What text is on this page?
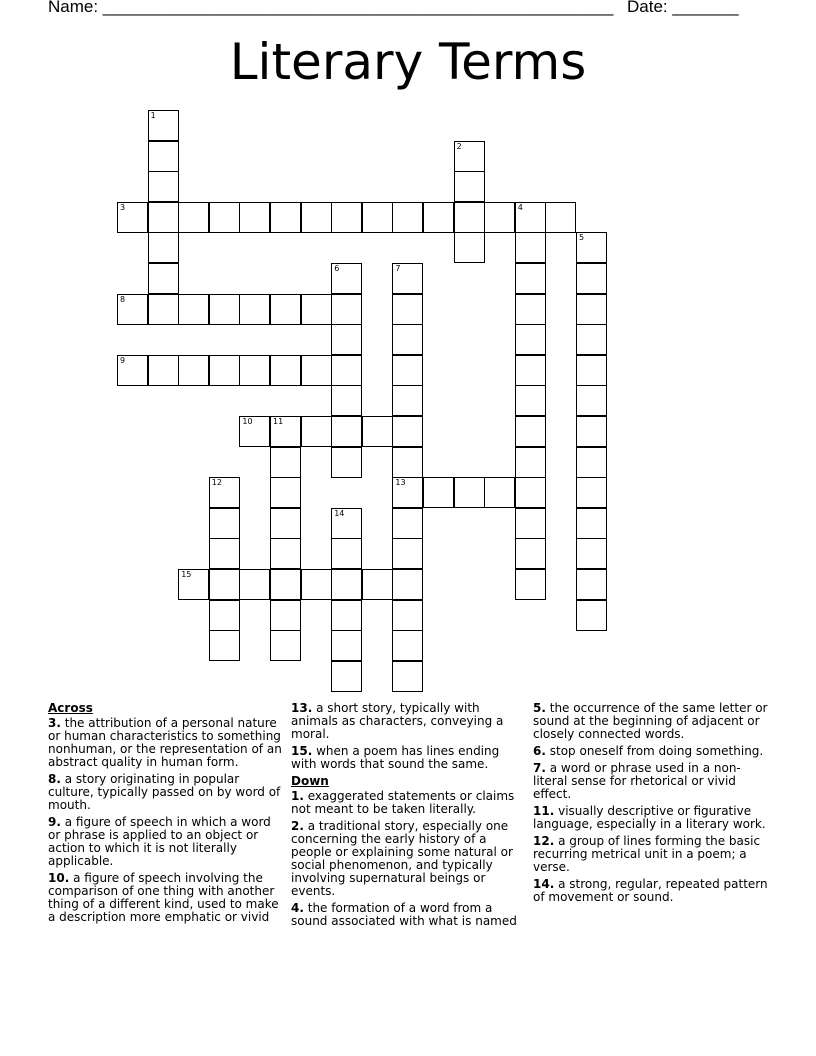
Name: ______________________________________________________ Date: _______
Literary Terms
1
2
3	4
5
6	7
13
8
9
10	11
12
14
15
Across
3. the attribution of a personal nature or human characteristics to something nonhuman, or the representation of an abstract quality in human form.
8. a story originating in popular culture, typically passed on by word of mouth.
9. a figure of speech in which a word or phrase is applied to an object or action to which it is not literally applicable.
10. a figure of speech involving the comparison of one thing with another thing of a different kind, used to make a description more emphatic or vivid
13. a short story, typically with animals as characters, conveying a moral.
15. when a poem has lines ending with words that sound the same.
Down
1. exaggerated statements or claims not meant to be taken literally.
2. a traditional story, especially one concerning the early history of a people or explaining some natural or social phenomenon, and typically involving supernatural beings or events.
4. the formation of a word from a sound associated with what is named
5. the occurrence of the same letter or sound at the beginning of adjacent or closely connected words.
6. stop oneself from doing something.
7. a word or phrase used in a non-literal sense for rhetorical or vivid effect.
11. visually descriptive or figurative language, especially in a literary work.
12. a group of lines forming the basic recurring metrical unit in a poem; a verse.
14. a strong, regular, repeated pattern of movement or sound.
